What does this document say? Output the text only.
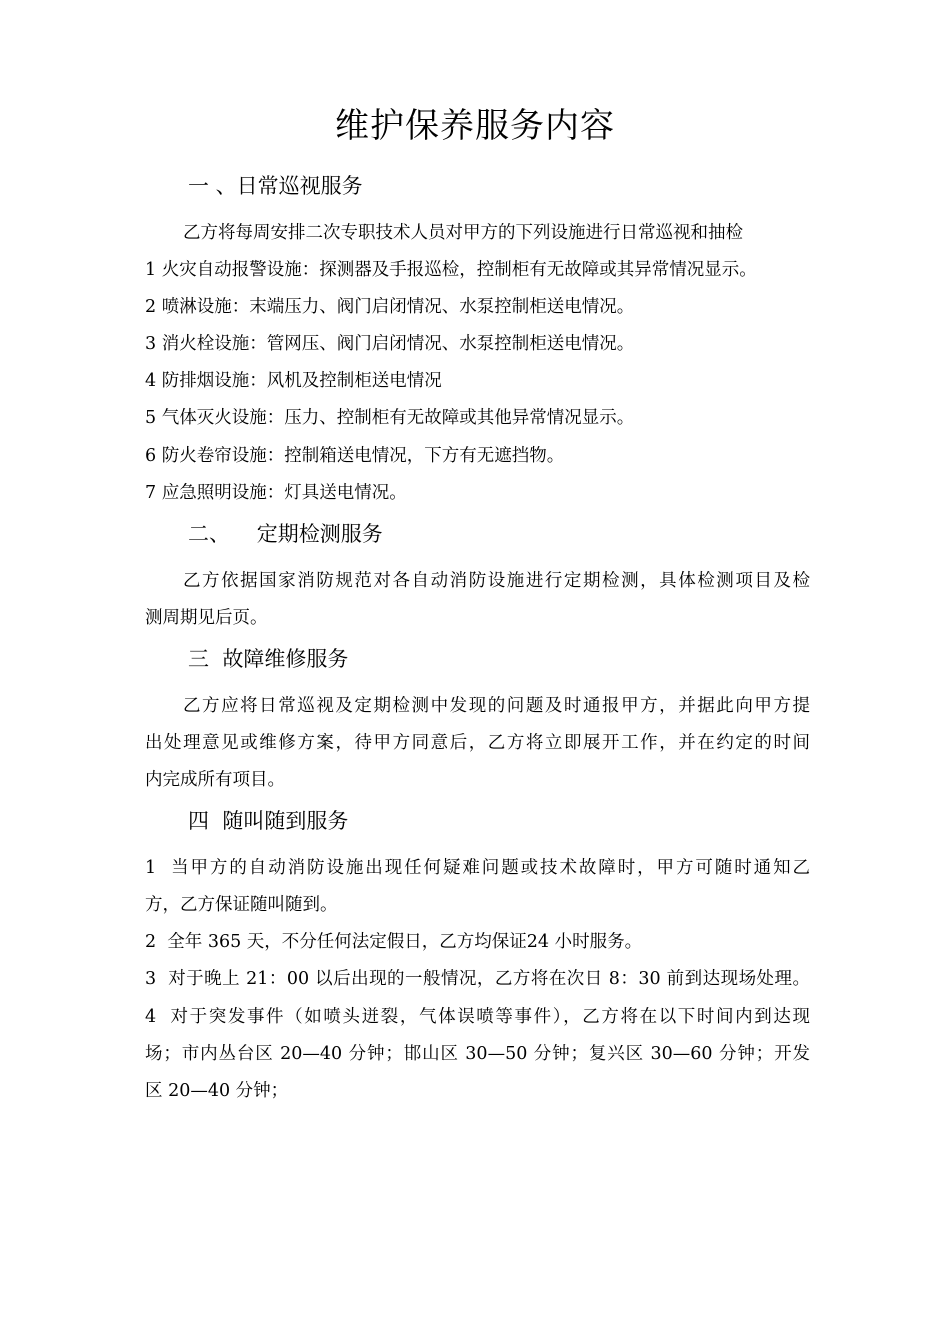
维护保养服务内容
一 、日常巡视服务
乙方将每周安排二次专职技术人员对甲方的下列设施进行日常巡视和抽检
1 火灾自动报警设施：探测器及手报巡检，控制柜有无故障或其异常情况显示。
2 喷淋设施：末端压力、阀门启闭情况、水泵控制柜送电情况。
3 消火栓设施：管网压、阀门启闭情况、水泵控制柜送电情况。
4 防排烟设施：风机及控制柜送电情况
5 气体灭火设施：压力、控制柜有无故障或其他异常情况显示。
6 防火卷帘设施：控制箱送电情况，下方有无遮挡物。
7 应急照明设施：灯具送电情况。
二、    定期检测服务
乙方依据国家消防规范对各自动消防设施进行定期检测，具体检测项目及检
测周期见后页。
三  故障维修服务
乙方应将日常巡视及定期检测中发现的问题及时通报甲方，并据此向甲方提
出处理意见或维修方案，待甲方同意后，乙方将立即展开工作，并在约定的时间
内完成所有项目。
四  随叫随到服务
1  当甲方的自动消防设施出现任何疑难问题或技术故障时，甲方可随时通知乙
方，乙方保证随叫随到。
2  全年 365 天，不分任何法定假日，乙方均保证24 小时服务。
3  对于晚上 21：00 以后出现的一般情况，乙方将在次日 8：30 前到达现场处理。
4  对于突发事件（如喷头迸裂，气体误喷等事件），乙方将在以下时间内到达现
场；市内丛台区 20—40 分钟；邯山区 30—50 分钟；复兴区 30—60 分钟；开发
区 20—40 分钟；
